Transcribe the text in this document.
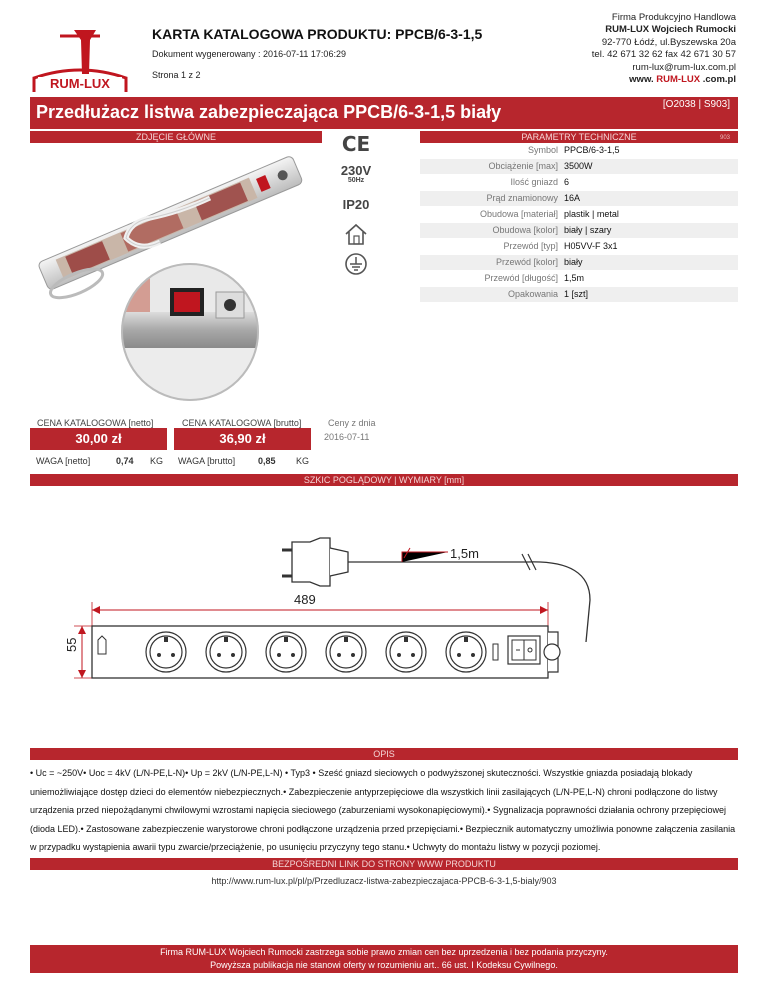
RUM-LUX
KARTA KATALOGOWA PRODUKTU: PPCB/6-3-1,5
Dokument wygenerowany : 2016-07-11 17:06:29
Strona 1 z 2
Firma Produkcyjno Handlowa
RUM-LUX Wojciech Rumocki
92-770 Łódź, ul.Byszewska 20a
tel. 42 671 32 62 fax 42 671 30 57
rum-lux@rum-lux.com.pl
www. RUM-LUX .com.pl
Przedłużacz listwa zabezpieczająca PPCB/6-3-1,5 biały	[O2038 | S903]
ZDJĘCIE GŁÓWNE	CE
230V
50Hz
IP20
PARAMETRY TECHNICZNE	903
Symbol PPCB/6-3-1,5
Obciążenie [max] 3500W
Ilość gniazd 6
Prąd znamionowy 16A
Obudowa [materiał] plastik | metal
Obudowa [kolor] biały | szary
Przewód [typ] H05VV-F 3x1
Przewód [kolor] biały
Przewód [długość] 1,5m
Opakowania 1 [szt]
CENA KATALOGOWA [netto]	CENA KATALOGOWA [brutto]
30,00 zł	36,90 zł
Ceny z dnia
2016-07-11
WAGA [netto]	0,74 KG WAGA [brutto]	0,85 KG
SZKIC POGLĄDOWY | WYMIARY [mm]
1,5m
489
55
OPIS
• Uc = ~250V• Uoc = 4kV (L/N-PE,L-N)• Up = 2kV (L/N-PE,L-N) • Typ3 • Sześć gniazd sieciowych o podwyższonej skuteczności. Wszystkie gniazda posiadają blokady uniemożliwiające dostęp dzieci do elementów niebezpiecznych.• Zabezpieczenie antyprzepięciowe dla wszystkich linii zasilających (L/N-PE,L-N) chroni podłączone do listwy urządzenia przed niepożądanymi chwilowymi wzrostami napięcia sieciowego (zaburzeniami wysokonapięciowymi).• Sygnalizacja poprawności działania ochrony przepięciowej (dioda LED).• Zastosowane zabezpieczenie warystorowe chroni podłączone urządzenia przed przepięciami.• Bezpiecznik automatyczny umożliwia ponowne załączenia zasilania w przypadku wystąpienia awarii typu zwarcie/przeciążenie, po usunięciu przyczyny tego stanu.• Uchwyty do montażu listwy w pozycji poziomej.
BEZPOŚREDNI LINK DO STRONY WWW PRODUKTU
http://www.rum-lux.pl/pl/p/Przedluzacz-listwa-zabezpieczajaca-PPCB-6-3-1,5-bialy/903
Firma RUM-LUX Wojciech Rumocki zastrzega sobie prawo zmian cen bez uprzedzenia i bez podania przyczyny.
Powyższa publikacja nie stanowi oferty w rozumieniu art.. 66 ust. I Kodeksu Cywilnego.
